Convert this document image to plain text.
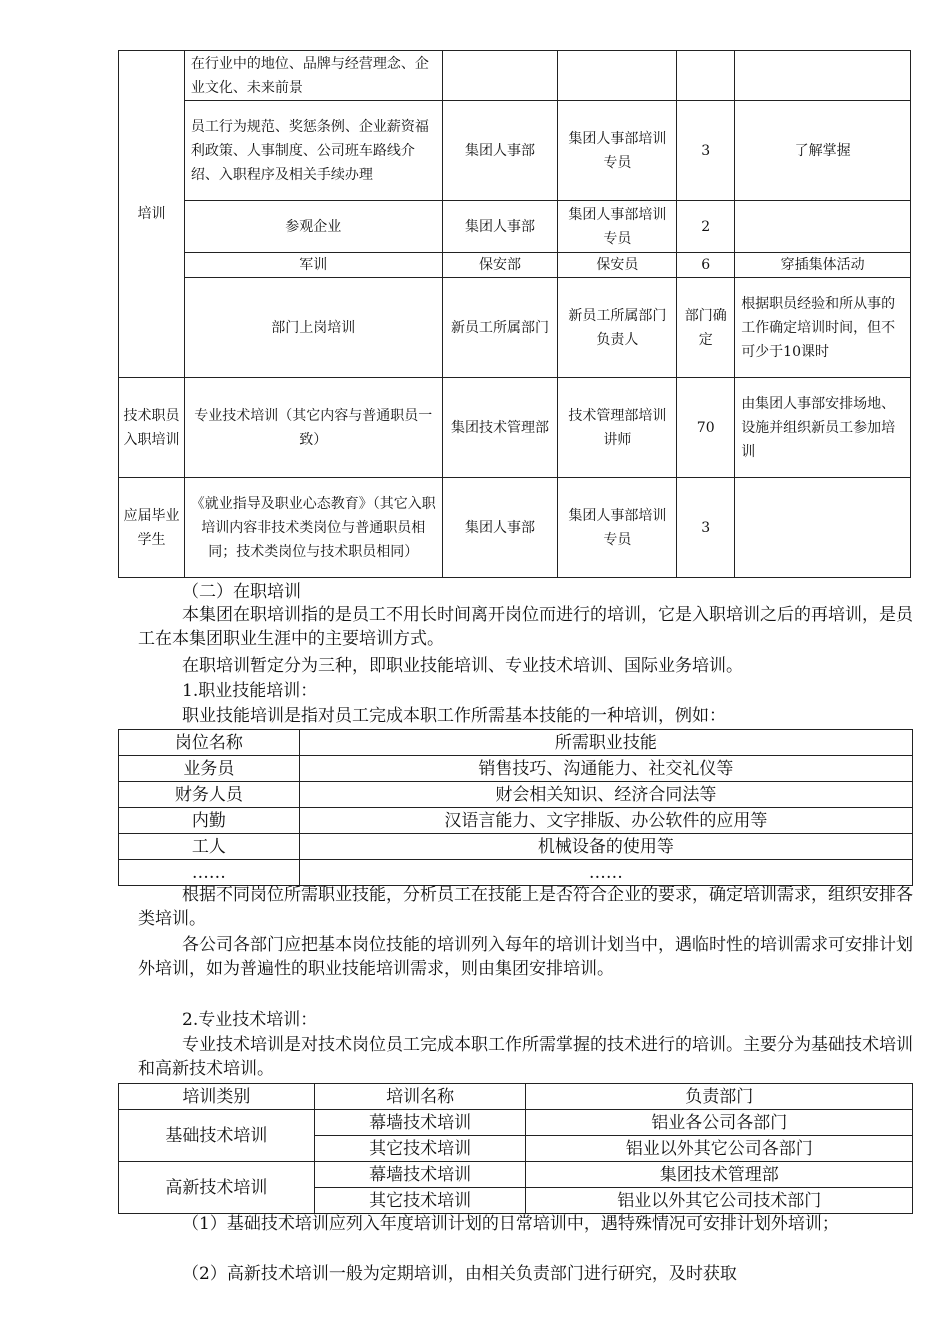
培训	在行业中的地位、品牌与经营理念、企业文化、未来前景				
	员工行为规范、奖惩条例、企业薪资福利政策、人事制度、公司班车路线介绍、入职程序及相关手续办理	集团人事部	集团人事部培训专员	3	了解掌握
	参观企业	集团人事部	集团人事部培训专员	2	
	军训	保安部	保安员	6	穿插集体活动
	部门上岗培训	新员工所属部门	新员工所属部门负责人	部门确定	根据职员经验和所从事的工作确定培训时间，但不可少于10课时
技术职员入职培训	专业技术培训（其它内容与普通职员一致）	集团技术管理部	技术管理部培训讲师	70	由集团人事部安排场地、设施并组织新员工参加培训
应届毕业学生	《就业指导及职业心态教育》（其它入职培训内容非技术类岗位与普通职员相同；技术类岗位与技术职员相同）	集团人事部	集团人事部培训专员	3	
（二）在职培训
本集团在职培训指的是员工不用长时间离开岗位而进行的培训，它是入职培训之后的再培训，是员工在本集团职业生涯中的主要培训方式。
在职培训暂定分为三种，即职业技能培训、专业技术培训、国际业务培训。
1.职业技能培训：
职业技能培训是指对员工完成本职工作所需基本技能的一种培训，例如：
岗位名称	所需职业技能
业务员	销售技巧、沟通能力、社交礼仪等
财务人员	财会相关知识、经济合同法等
内勤	汉语言能力、文字排版、办公软件的应用等
工人	机械设备的使用等
……	……
根据不同岗位所需职业技能，分析员工在技能上是否符合企业的要求，确定培训需求，组织安排各类培训。
各公司各部门应把基本岗位技能的培训列入每年的培训计划当中，遇临时性的培训需求可安排计划外培训，如为普遍性的职业技能培训需求，则由集团安排培训。
2.专业技术培训：
专业技术培训是对技术岗位员工完成本职工作所需掌握的技术进行的培训。主要分为基础技术培训和高新技术培训。
培训类别	培训名称	负责部门
基础技术培训	幕墙技术培训	铝业各公司各部门
	其它技术培训	铝业以外其它公司各部门
高新技术培训	幕墙技术培训	集团技术管理部
	其它技术培训	铝业以外其它公司技术部门
（1）基础技术培训应列入年度培训计划的日常培训中，遇特殊情况可安排计划外培训；
（2）高新技术培训一般为定期培训，由相关负责部门进行研究，及时获取
